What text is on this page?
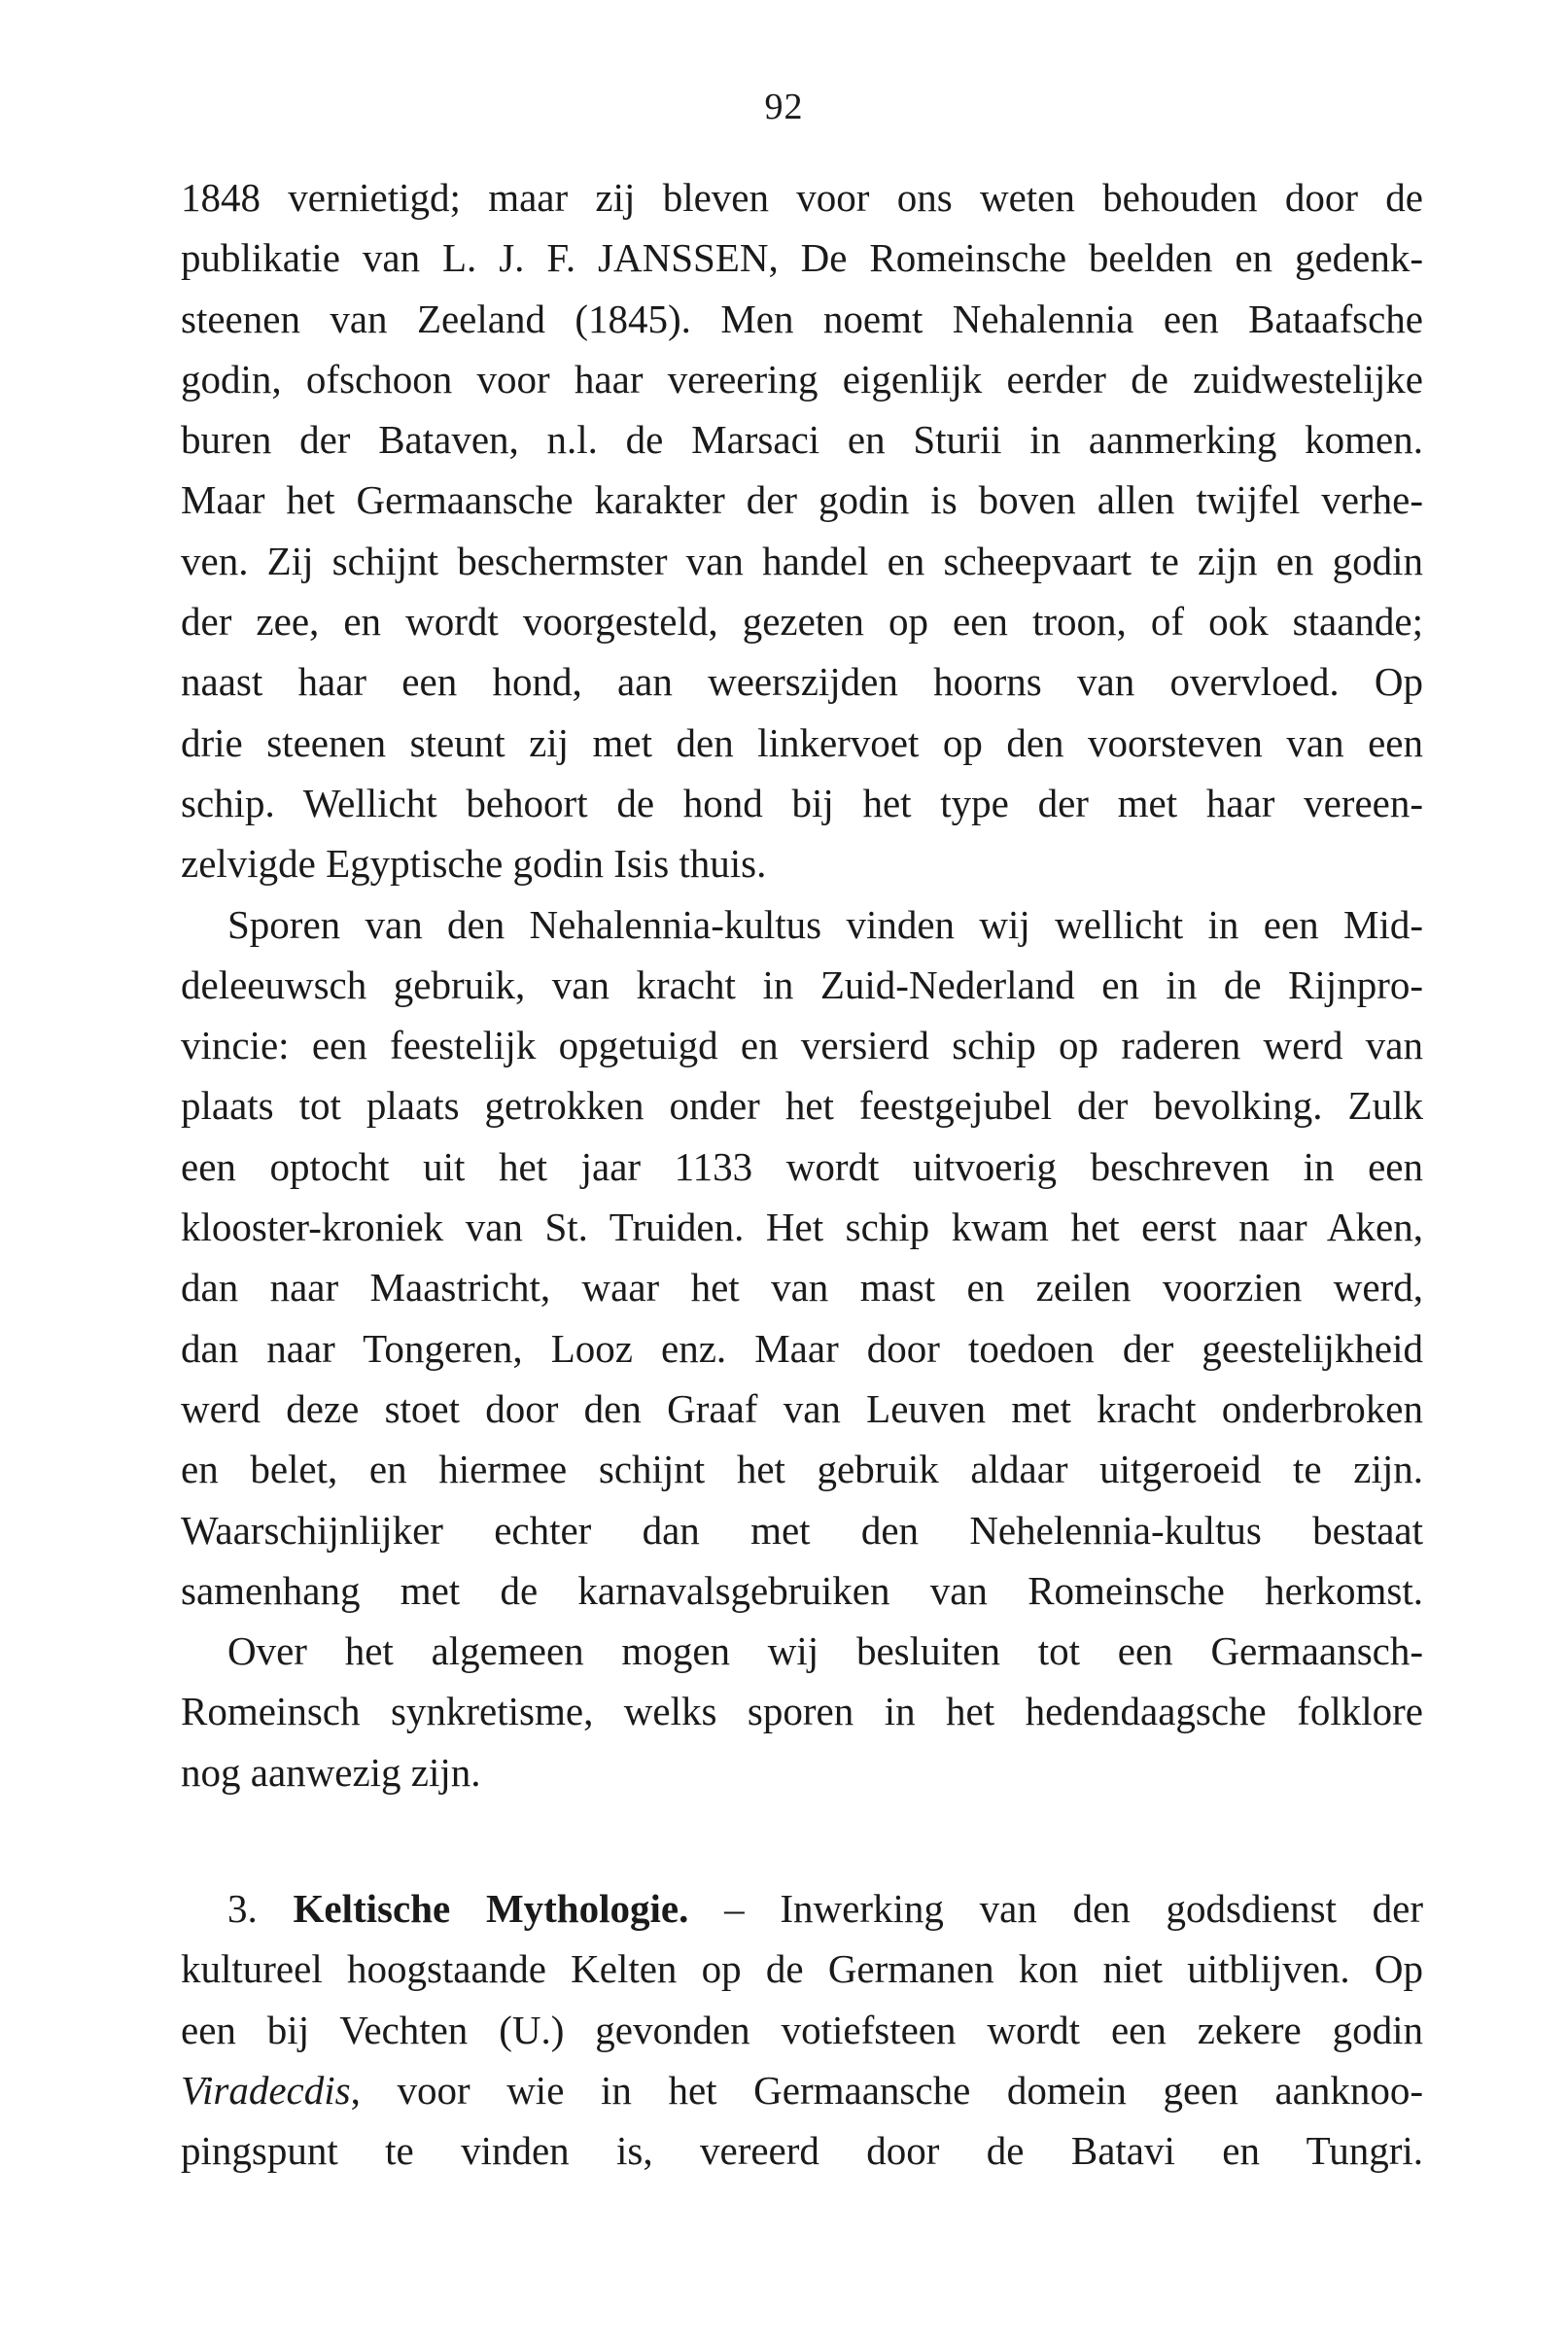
92
1848 vernietigd; maar zij bleven voor ons weten behouden door de
publikatie van L. J. F. JANSSEN, De Romeinsche beelden en gedenk-
steenen van Zeeland (1845). Men noemt Nehalennia een Bataafsche
godin, ofschoon voor haar vereering eigenlijk eerder de zuidwestelijke
buren der Bataven, n.l. de Marsaci en Sturii in aanmerking komen.
Maar het Germaansche karakter der godin is boven allen twijfel verhe-
ven. Zij schijnt beschermster van handel en scheepvaart te zijn en godin
der zee, en wordt voorgesteld, gezeten op een troon, of ook staande;
naast haar een hond, aan weerszijden hoorns van overvloed. Op
drie steenen steunt zij met den linkervoet op den voorsteven van een
schip. Wellicht behoort de hond bij het type der met haar vereen-
zelvigde Egyptische godin Isis thuis.
Sporen van den Nehalennia-kultus vinden wij wellicht in een Mid-
deleeuwsch gebruik, van kracht in Zuid-Nederland en in de Rijnpro-
vincie: een feestelijk opgetuigd en versierd schip op raderen werd van
plaats tot plaats getrokken onder het feestgejubel der bevolking. Zulk
een optocht uit het jaar 1133 wordt uitvoerig beschreven in een
klooster-kroniek van St. Truiden. Het schip kwam het eerst naar Aken,
dan naar Maastricht, waar het van mast en zeilen voorzien werd,
dan naar Tongeren, Looz enz. Maar door toedoen der geestelijkheid
werd deze stoet door den Graaf van Leuven met kracht onderbroken
en belet, en hiermee schijnt het gebruik aldaar uitgeroeid te zijn.
Waarschijnlijker echter dan met den Nehelennia-kultus bestaat
samenhang met de karnavalsgebruiken van Romeinsche herkomst.
Over het algemeen mogen wij besluiten tot een Germaansch-
Romeinsch synkretisme, welks sporen in het hedendaagsche folklore
nog aanwezig zijn.
3. Keltische Mythologie. – Inwerking van den godsdienst der
kultureel hoogstaande Kelten op de Germanen kon niet uitblijven. Op
een bij Vechten (U.) gevonden votiefsteen wordt een zekere godin
Viradecdis, voor wie in het Germaansche domein geen aanknoo-
pingspunt te vinden is, vereerd door de Batavi en Tungri.
